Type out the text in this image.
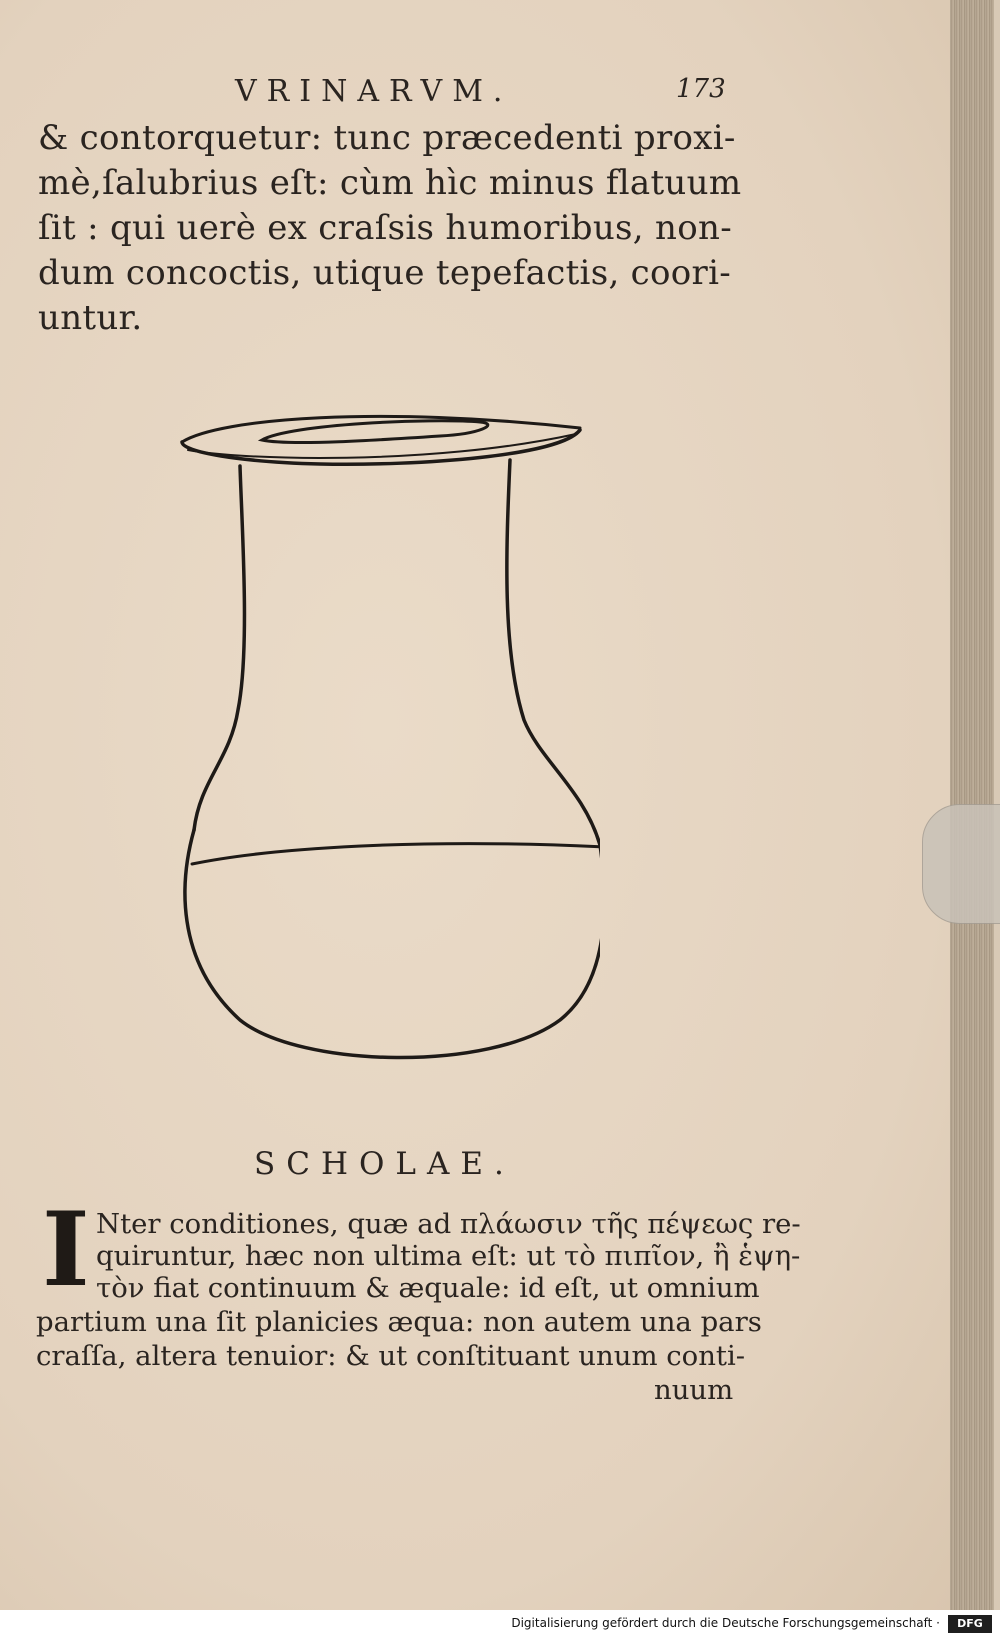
VRINARVM.	173
& contorquetur: tunc præcedenti proxi-
mè,ſalubrius eſt: cùm hìc minus flatuum
ſit : qui uerè ex craſsis humoribus, non-
dum concoctis, utique tepefactis, coori-
untur.
SCHOLAE.
I Nter conditiones, quæ ad πλάωσιν τῆς πέψεως re-
quiruntur, hæc non ultima eſt: ut τὸ πιπῖον, ἢ ἑψη-
τὸν fiat continuum & æquale: id eſt, ut omnium
partium una ſit planicies æqua: non autem una pars
craſſa, altera tenuior: & ut conſtituant unum conti-
nuum
Digitalisierung gefördert durch die Deutsche Forschungsgemeinschaft ·	DFG
